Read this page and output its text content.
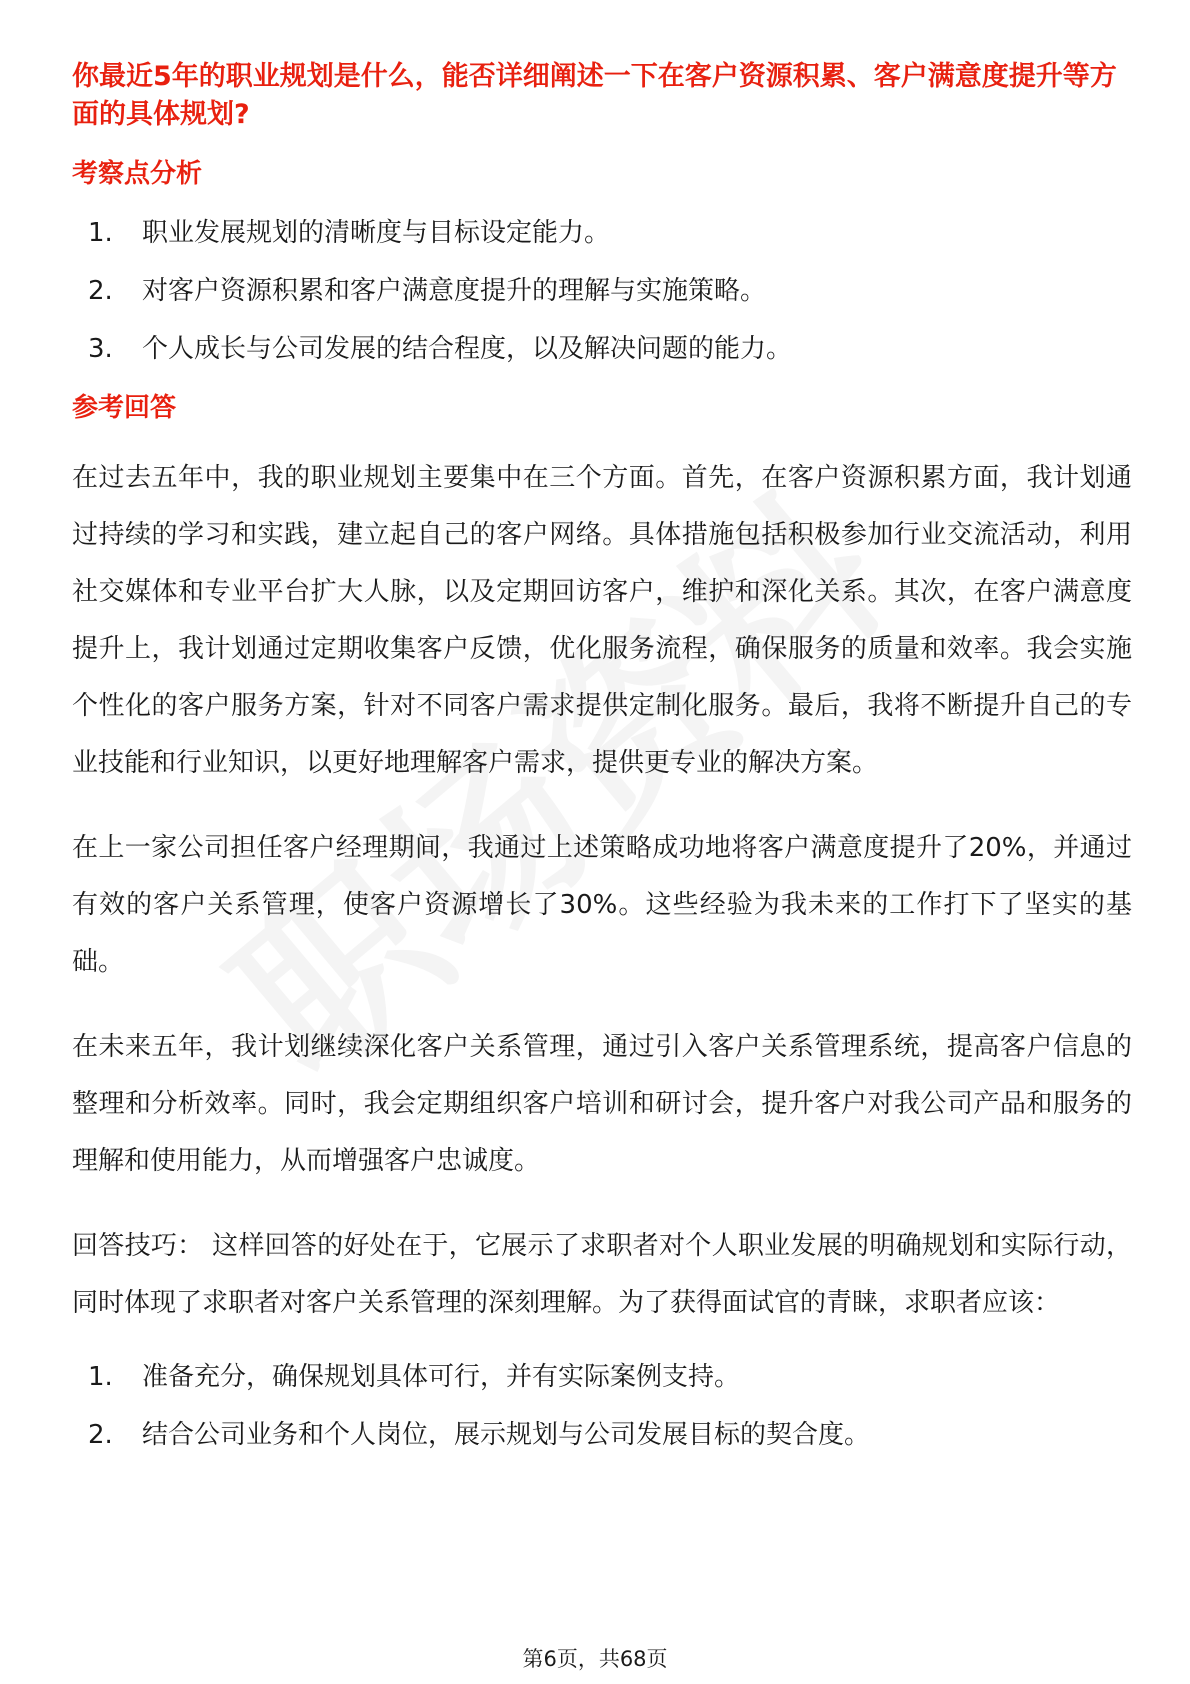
你最近5年的职业规划是什么，能否详细阐述一下在客户资源积累、客户满意度提升等方面的具体规划?
考察点分析
1.	职业发展规划的清晰度与目标设定能力。
2.	对客户资源积累和客户满意度提升的理解与实施策略。
3.	个人成长与公司发展的结合程度，以及解决问题的能力。
参考回答

在过去五年中，我的职业规划主要集中在三个方面。首先，在客户资源积累方面，我计划通过持续的学习和实践，建立起自己的客户网络。具体措施包括积极参加行业交流活动，利用社交媒体和专业平台扩大人脉，以及定期回访客户，维护和深化关系。其次，在客户满意度提升上，我计划通过定期收集客户反馈，优化服务流程，确保服务的质量和效率。我会实施个性化的客户服务方案，针对不同客户需求提供定制化服务。最后，我将不断提升自己的专业技能和行业知识，以更好地理解客户需求，提供更专业的解决方案。

在上一家公司担任客户经理期间，我通过上述策略成功地将客户满意度提升了20%，并通过有效的客户关系管理，使客户资源增长了30%。这些经验为我未来的工作打下了坚实的基础。

在未来五年，我计划继续深化客户关系管理，通过引入客户关系管理系统，提高客户信息的整理和分析效率。同时，我会定期组织客户培训和研讨会，提升客户对我公司产品和服务的理解和使用能力，从而增强客户忠诚度。

回答技巧： 这样回答的好处在于，它展示了求职者对个人职业发展的明确规划和实际行动，同时体现了求职者对客户关系管理的深刻理解。为了获得面试官的青睐，求职者应该：

1.	准备充分，确保规划具体可行，并有实际案例支持。
2.	结合公司业务和个人岗位，展示规划与公司发展目标的契合度。
第6页，共68页
